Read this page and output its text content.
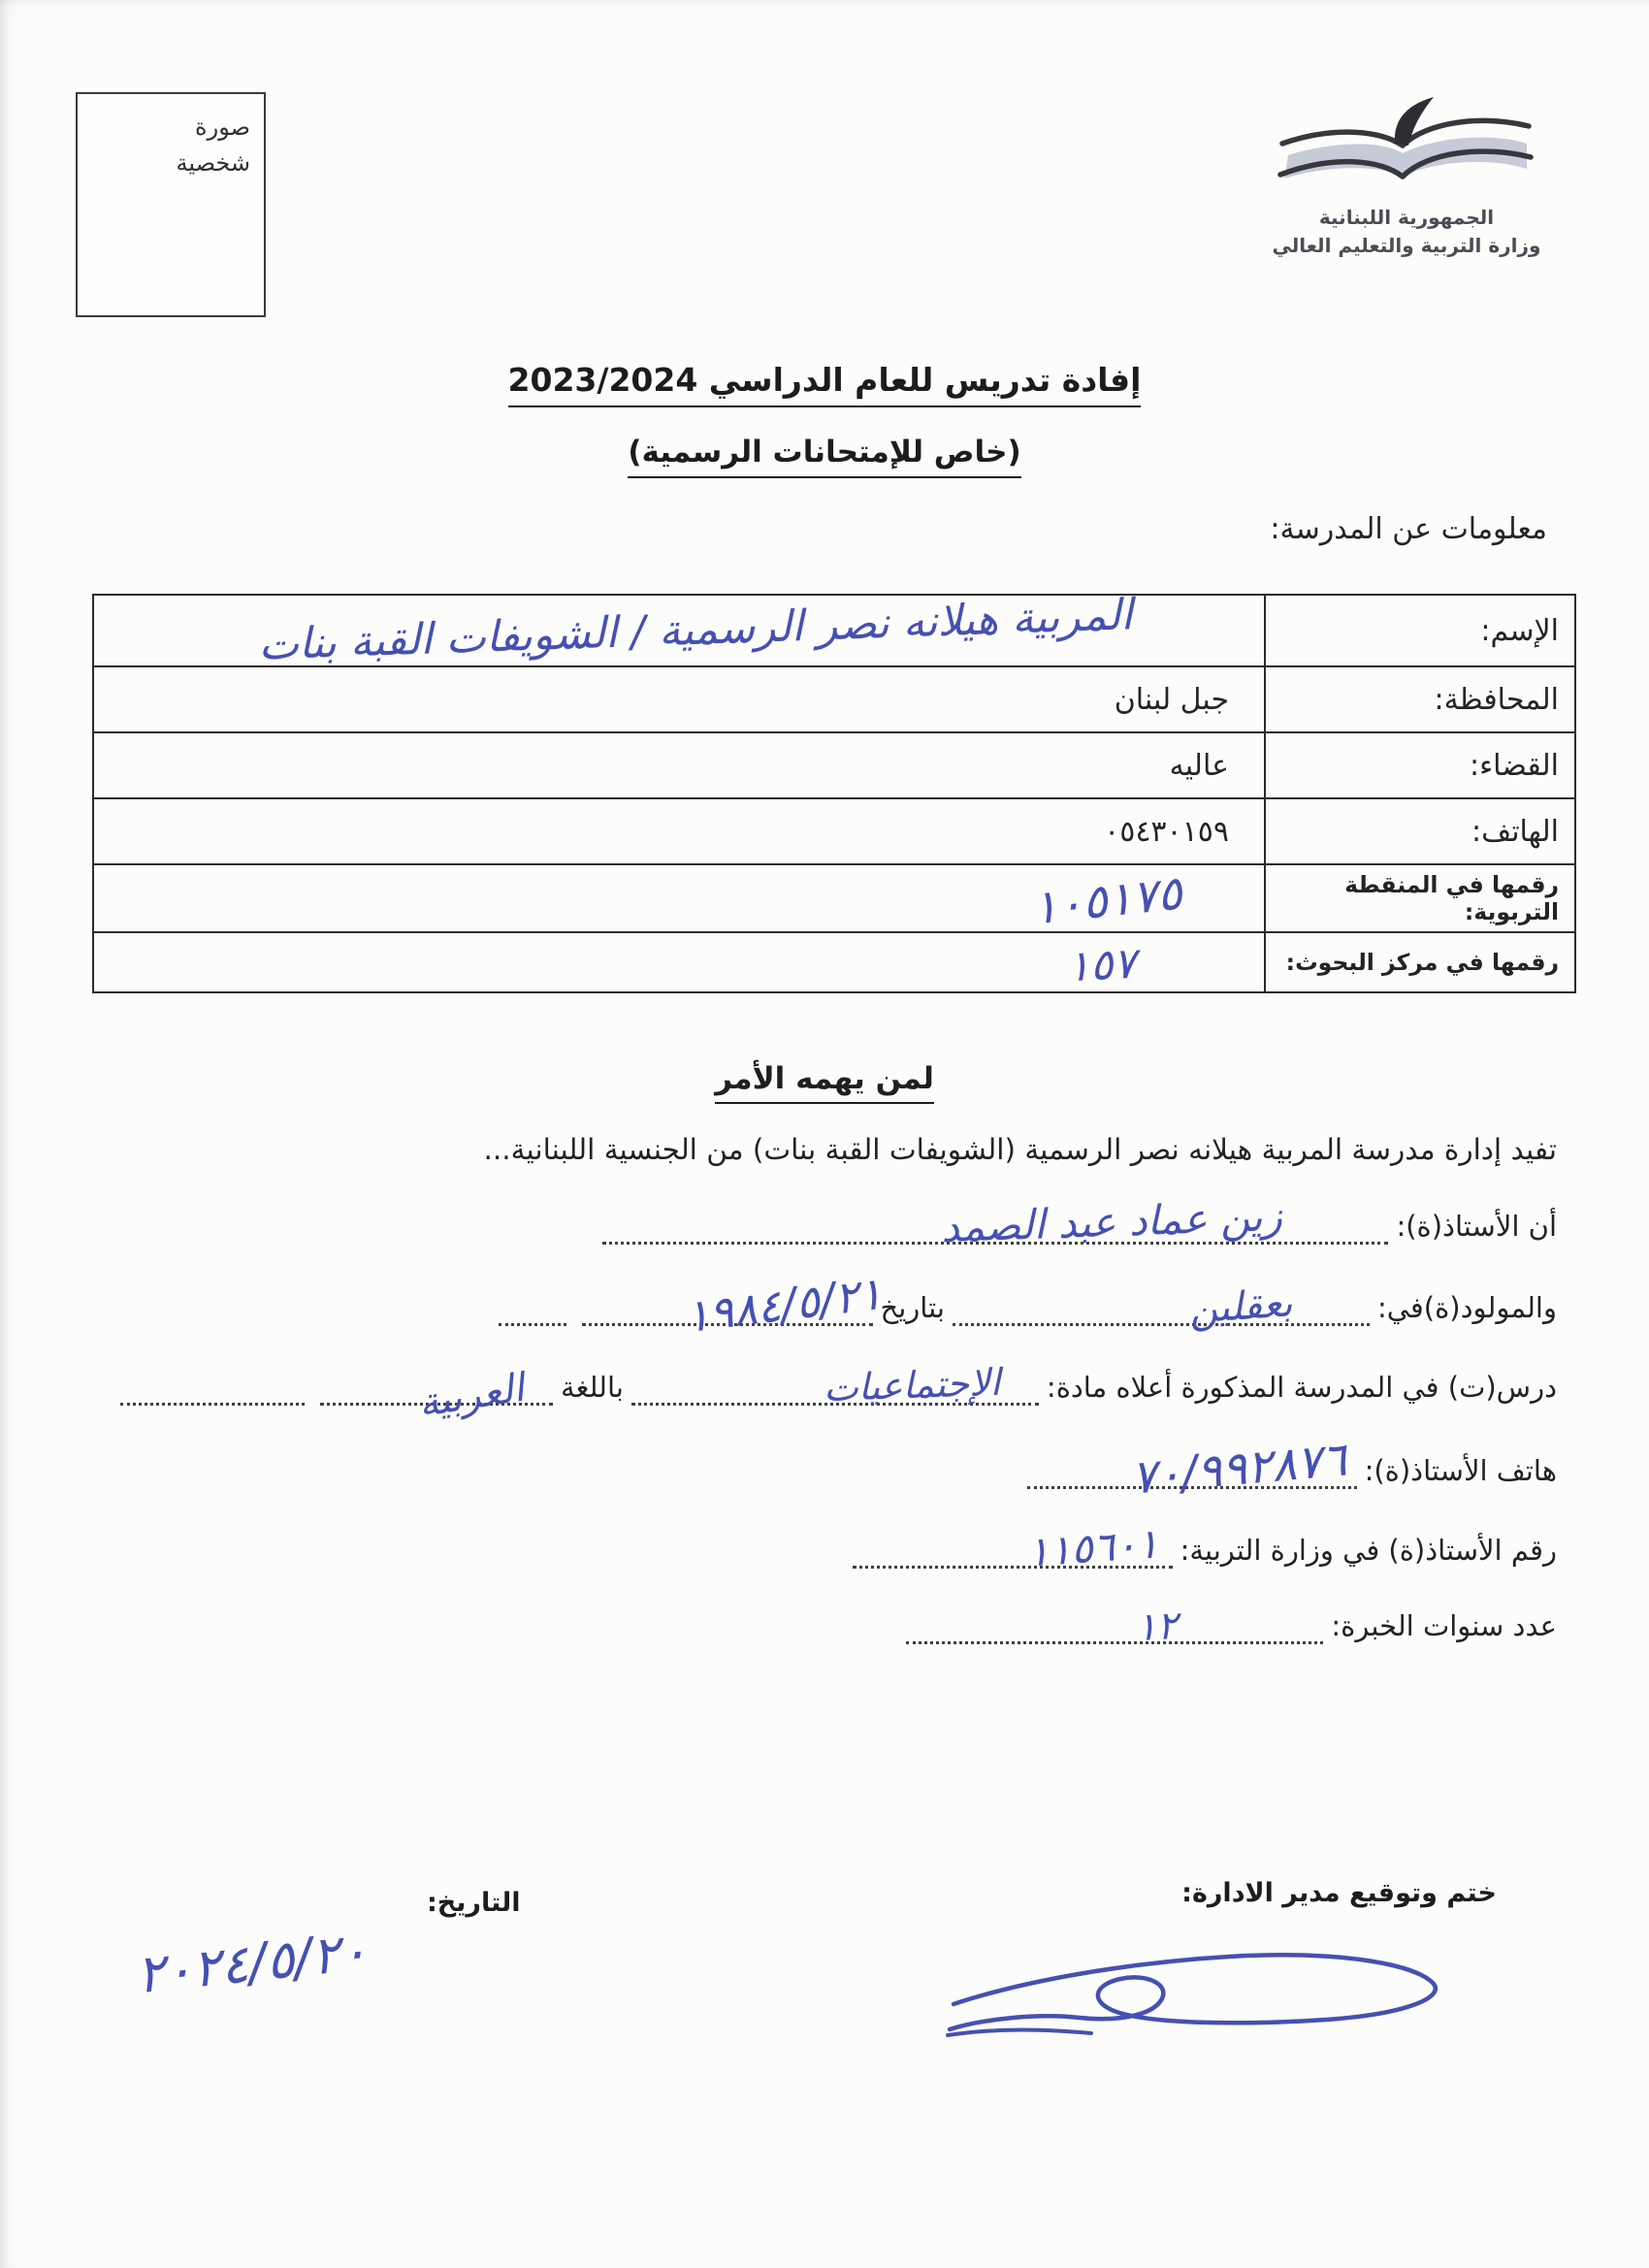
صورة
شخصية
الجمهورية اللبنانية
وزارة التربية والتعليم العالي
إفادة تدريس للعام الدراسي 2023/2024
(خاص للإمتحانات الرسمية)
معلومات عن المدرسة:
الإسم:	المربية هيلانه نصر الرسمية / الشويفات القبة بنات

المحافظة:	جبل لبنان
القضاء:	عاليه
الهاتف:	٠٥٤٣٠١٥٩
رقمها في المنقطة التربوية:	١٠٥١٧٥
رقمها في مركز البحوث:	١٥٧
لمن يهمه الأمر
تفيد إدارة مدرسة المربية هيلانه نصر الرسمية (الشويفات القبة بنات) من الجنسية اللبنانية...
أن الأستاذ(ة):
زين عماد عبد الصمد
والمولود(ة)في:
بعقلين
بتاريخ
١٩٨٤/٥/٢١
درس(ت) في المدرسة المذكورة أعلاه مادة:
الإجتماعيات
باللغة
العربية
هاتف الأستاذ(ة):
٧٠/٩٩٢٨٧٦
رقم الأستاذ(ة) في وزارة التربية:
١١٥٦٠١
عدد سنوات الخبرة:
١٢
ختم وتوقيع مدير الادارة:
التاريخ:
٢٠٢٤/٥/٢٠
